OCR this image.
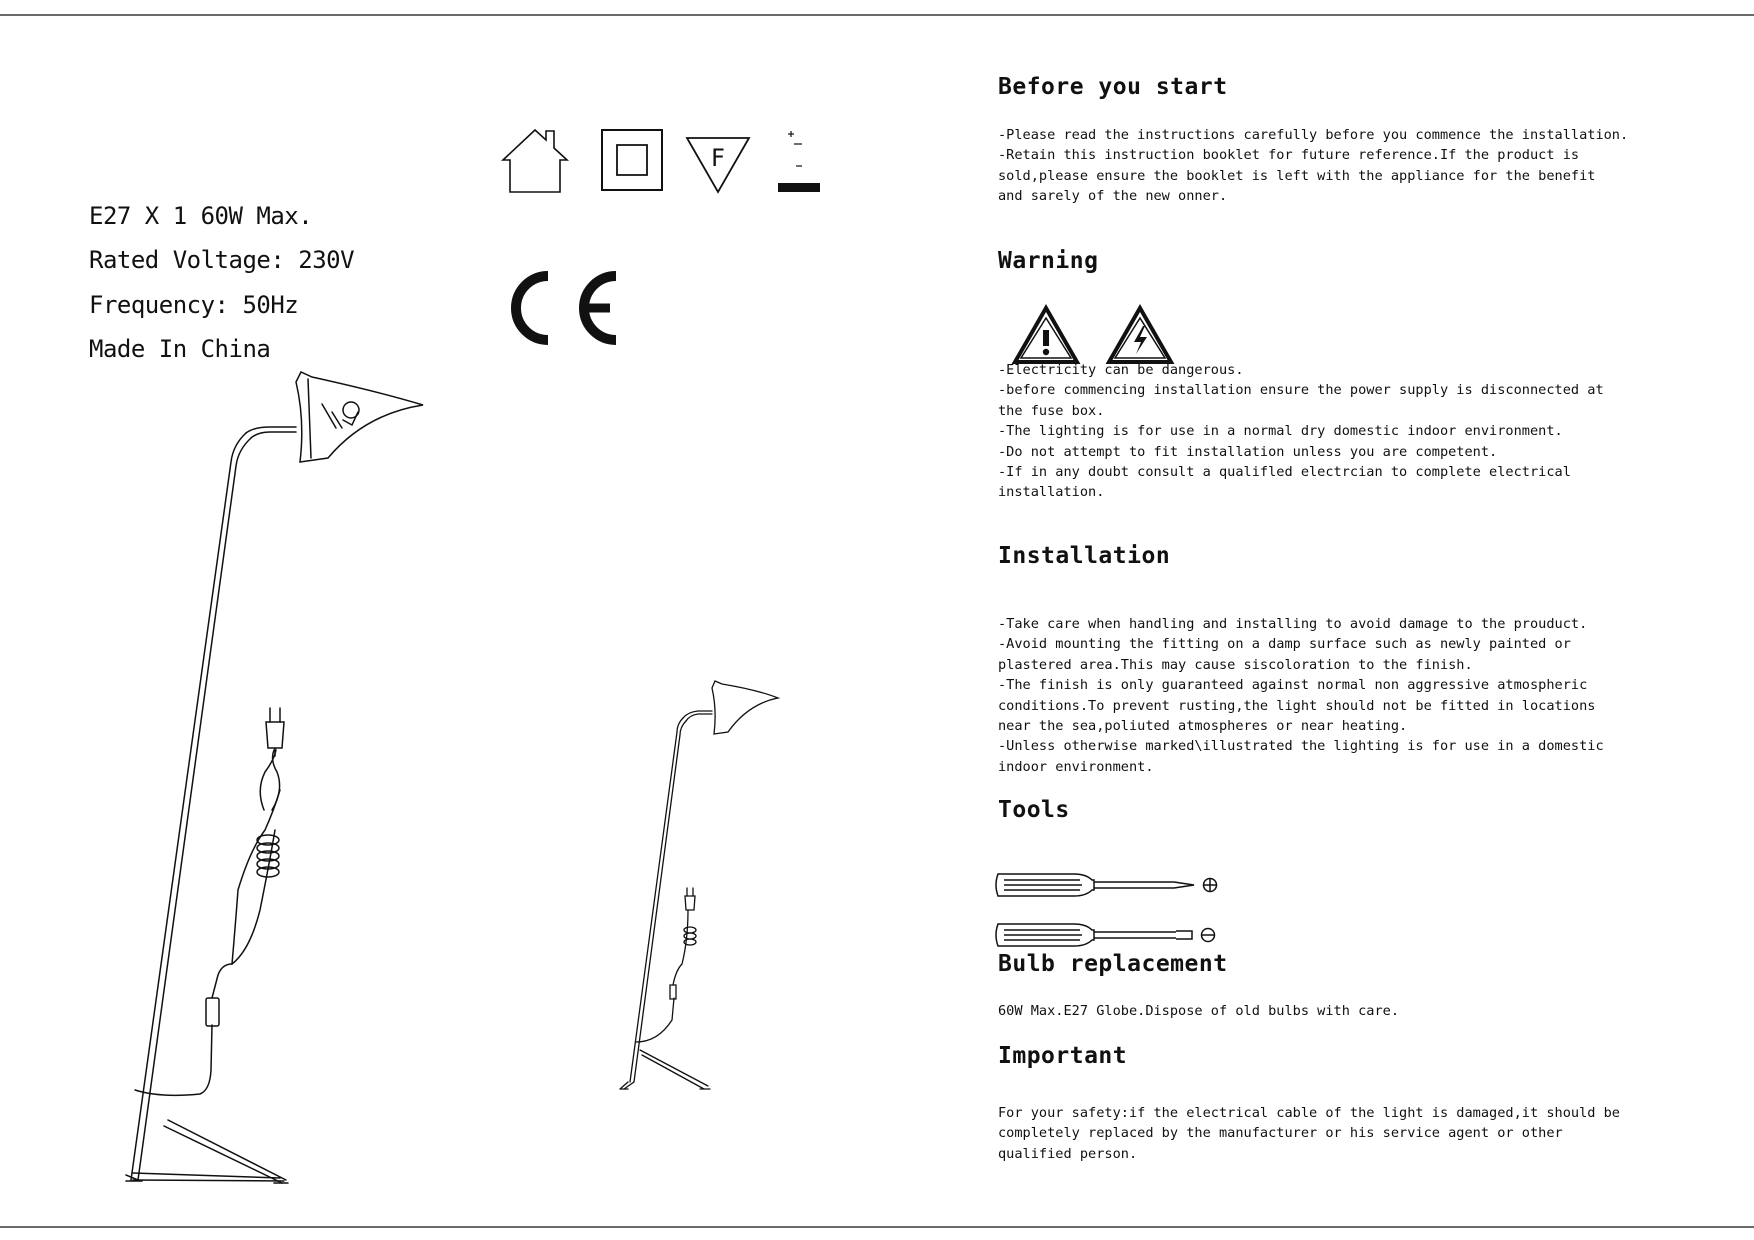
E27 X 1 60W Max.
Rated Voltage: 230V
Frequency: 50Hz
Made In China
F
Before you start
-Please read the instructions carefully before you commence the installation.
-Retain this instruction booklet for future reference.If the product is
sold,please ensure the booklet is left with the appliance for the benefit
and sarely of the new onner.
Warning
-Electricity can be dangerous.
-before commencing installation ensure the power supply is disconnected at
the fuse box.
-The lighting is for use in a normal dry domestic indoor environment.
-Do not attempt to fit installation unless you are competent.
-If in any doubt consult a qualifled electrcian to complete electrical
installation.
Installation
-Take care when handling and installing to avoid damage to the prouduct.
-Avoid mounting the fitting on a damp surface such as newly painted or
plastered area.This may cause siscoloration to the finish.
-The finish is only guaranteed against normal non aggressive atmospheric
conditions.To prevent rusting,the light should not be fitted in locations
near the sea,poliuted atmospheres or near heating.
-Unless otherwise marked\illustrated the lighting is for use in a domestic
indoor environment.
Tools
Bulb replacement
60W Max.E27 Globe.Dispose of old bulbs with care.
Important
For your safety:if the electrical cable of the light is damaged,it should be
completely replaced by the manufacturer or his service agent or other
qualified person.
